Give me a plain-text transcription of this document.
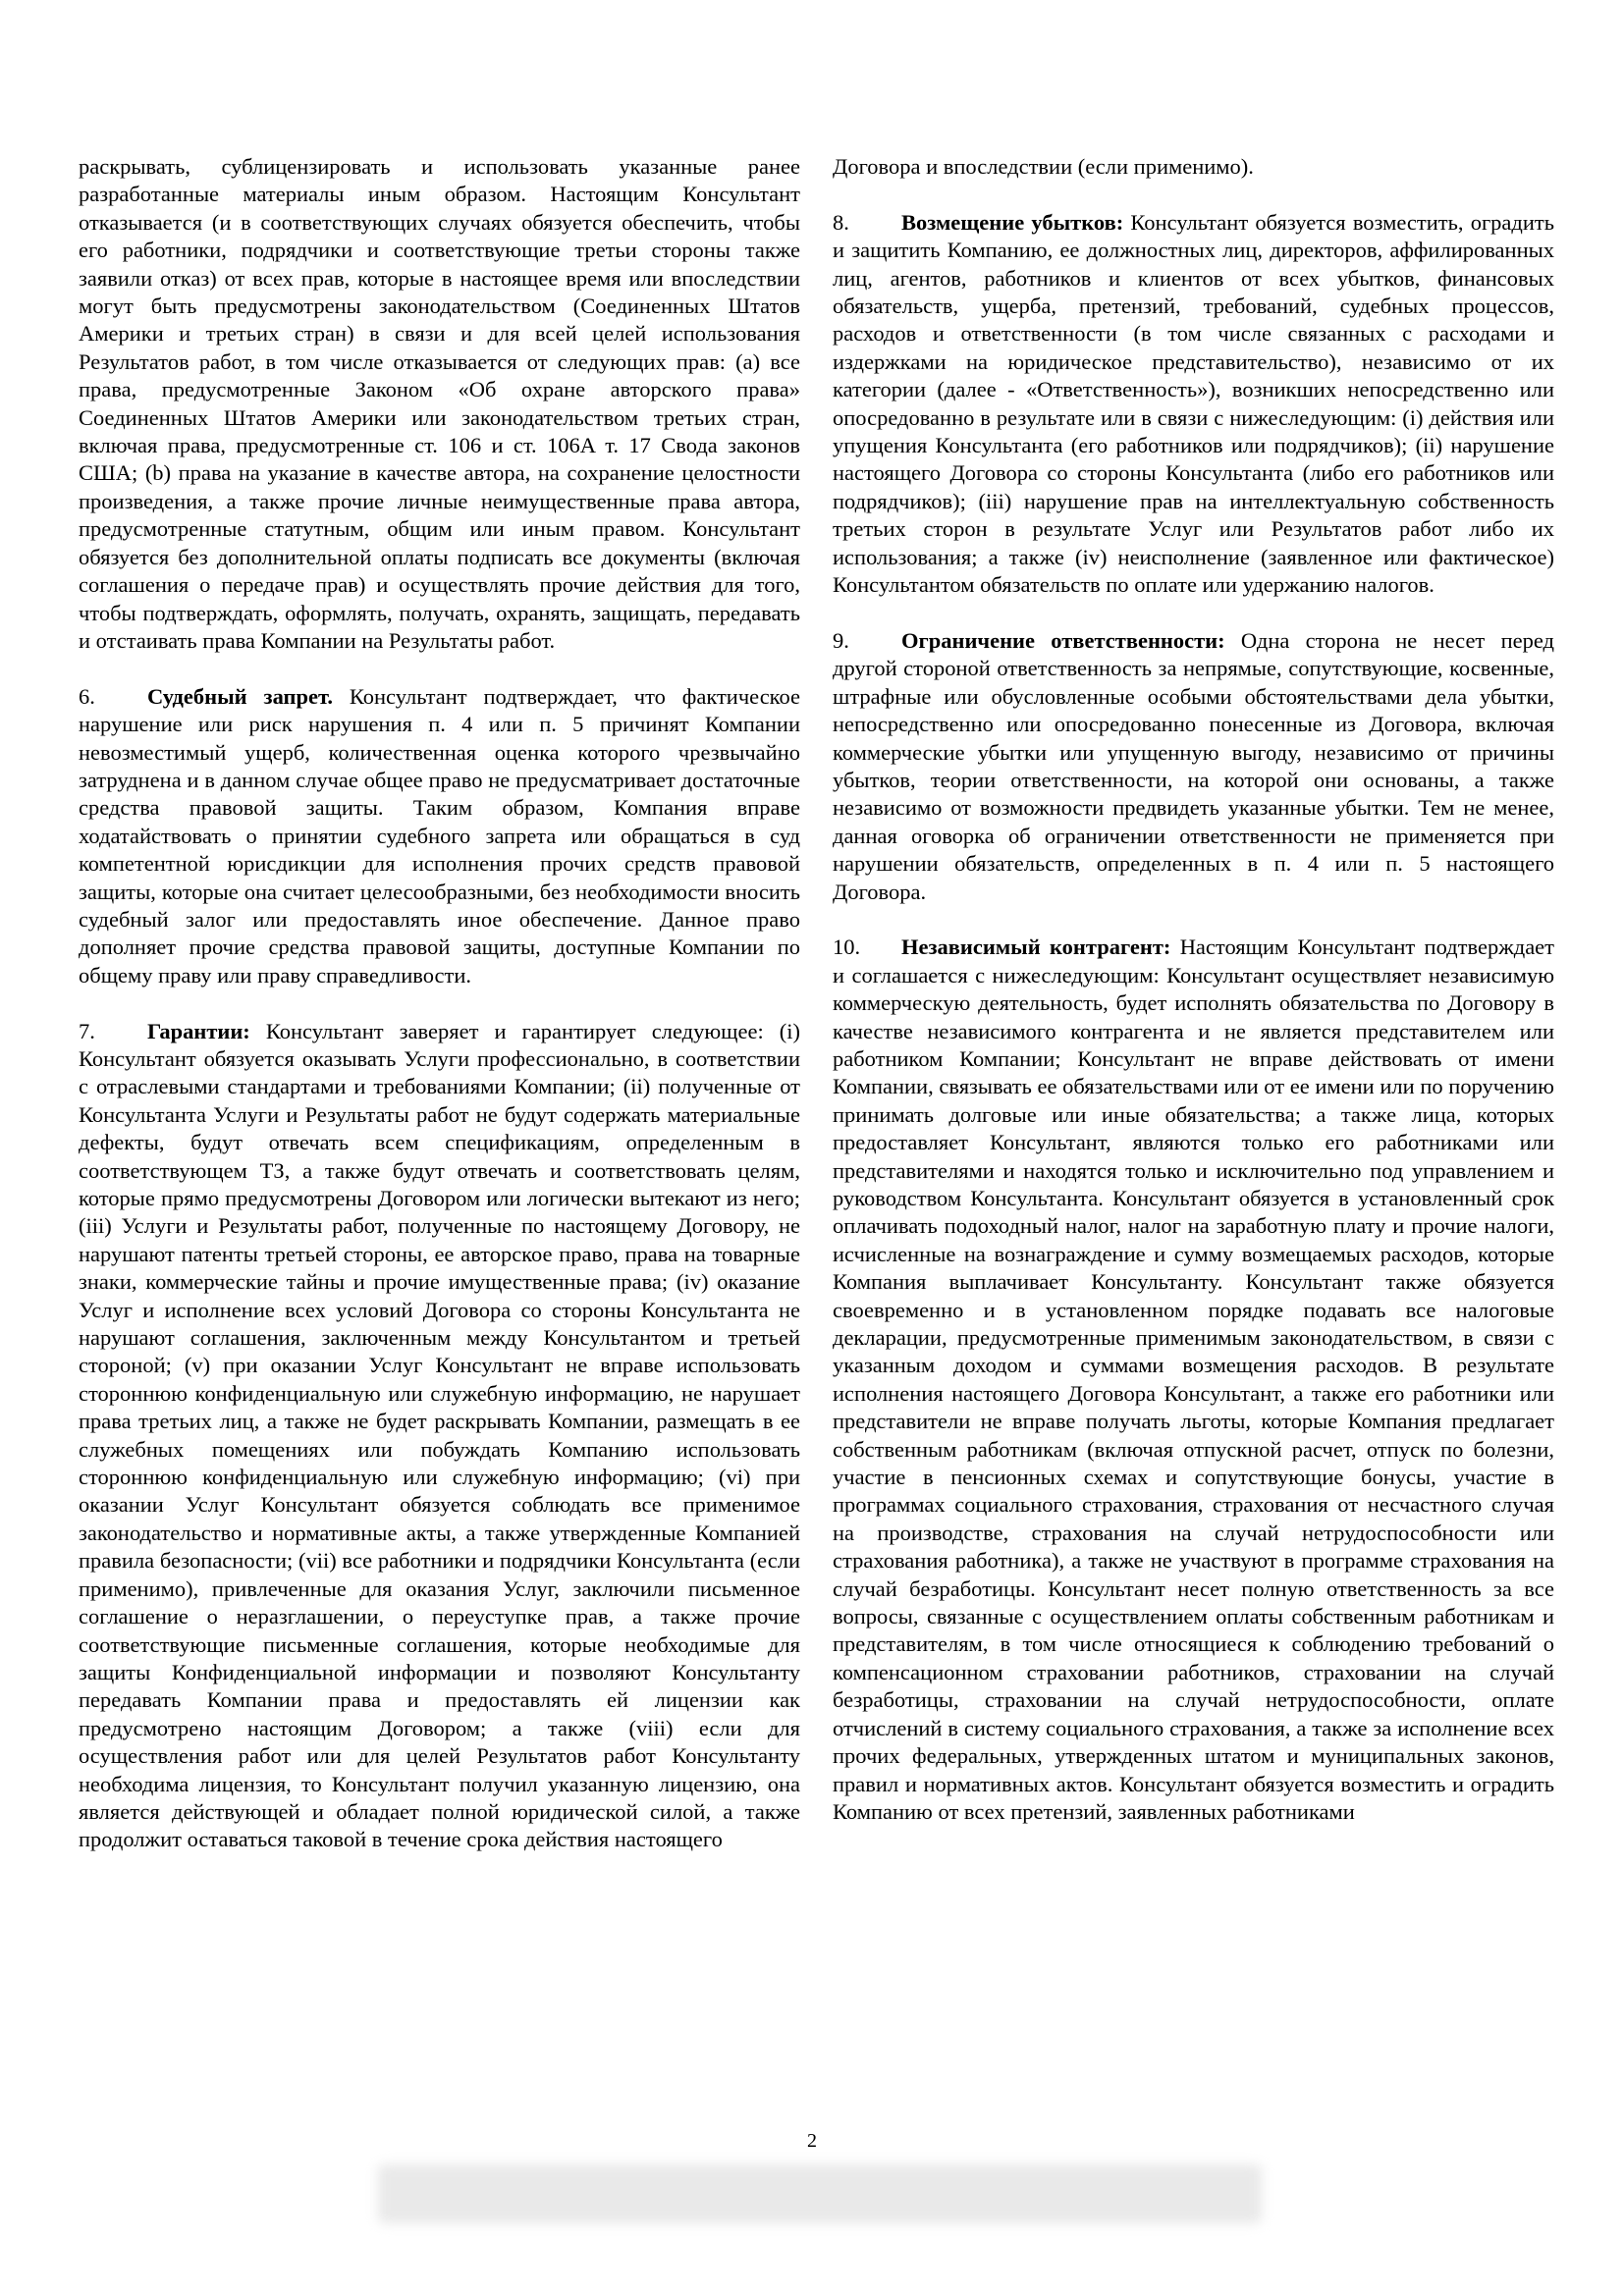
раскрывать, сублицензировать и использовать указанные ранее разработанные материалы иным образом. Настоящим Консультант отказывается (и в соответствующих случаях обязуется обеспечить, чтобы его работники, подрядчики и соответствующие третьи стороны также заявили отказ) от всех прав, которые в настоящее время или впоследствии могут быть предусмотрены законодательством (Соединенных Штатов Америки и третьих стран) в связи и для всей целей использования Результатов работ, в том числе отказывается от следующих прав: (a) все права, предусмотренные Законом «Об охране авторского права» Соединенных Штатов Америки или законодательством третьих стран, включая права, предусмотренные ст. 106 и ст. 106A т. 17 Свода законов США; (b) права на указание в качестве автора, на сохранение целостности произведения, а также прочие личные неимущественные права автора, предусмотренные статутным, общим или иным правом. Консультант обязуется без дополнительной оплаты подписать все документы (включая соглашения о передаче прав) и осуществлять прочие действия для того, чтобы подтверждать, оформлять, получать, охранять, защищать, передавать и отстаивать права Компании на Результаты работ.

6. Судебный запрет. Консультант подтверждает, что фактическое нарушение или риск нарушения п. 4 или п. 5 причинят Компании невозместимый ущерб, количественная оценка которого чрезвычайно затруднена и в данном случае общее право не предусматривает достаточные средства правовой защиты. Таким образом, Компания вправе ходатайствовать о принятии судебного запрета или обращаться в суд компетентной юрисдикции для исполнения прочих средств правовой защиты, которые она считает целесообразными, без необходимости вносить судебный залог или предоставлять иное обеспечение. Данное право дополняет прочие средства правовой защиты, доступные Компании по общему праву или праву справедливости.

7. Гарантии: Консультант заверяет и гарантирует следующее: (i) Консультант обязуется оказывать Услуги профессионально, в соответствии с отраслевыми стандартами и требованиями Компании; (ii) полученные от Консультанта Услуги и Результаты работ не будут содержать материальные дефекты, будут отвечать всем спецификациям, определенным в соответствующем ТЗ, а также будут отвечать и соответствовать целям, которые прямо предусмотрены Договором или логически вытекают из него; (iii) Услуги и Результаты работ, полученные по настоящему Договору, не нарушают патенты третьей стороны, ее авторское право, права на товарные знаки, коммерческие тайны и прочие имущественные права; (iv) оказание Услуг и исполнение всех условий Договора со стороны Консультанта не нарушают соглашения, заключенным между Консультантом и третьей стороной; (v) при оказании Услуг Консультант не вправе использовать стороннюю конфиденциальную или служебную информацию, не нарушает права третьих лиц, а также не будет раскрывать Компании, размещать в ее служебных помещениях или побуждать Компанию использовать стороннюю конфиденциальную или служебную информацию; (vi) при оказании Услуг Консультант обязуется соблюдать все применимое законодательство и нормативные акты, а также утвержденные Компанией правила безопасности; (vii) все работники и подрядчики Консультанта (если применимо), привлеченные для оказания Услуг, заключили письменное соглашение о неразглашении, о переуступке прав, а также прочие соответствующие письменные соглашения, которые необходимые для защиты Конфиденциальной информации и позволяют Консультанту передавать Компании права и предоставлять ей лицензии как предусмотрено настоящим Договором; а также (viii) если для осуществления работ или для целей Результатов работ Консультанту необходима лицензия, то Консультант получил указанную лицензию, она является действующей и обладает полной юридической силой, а также продолжит оставаться таковой в течение срока действия настоящего

Договора и впоследствии (если применимо).

8. Возмещение убытков: Консультант обязуется возместить, оградить и защитить Компанию, ее должностных лиц, директоров, аффилированных лиц, агентов, работников и клиентов от всех убытков, финансовых обязательств, ущерба, претензий, требований, судебных процессов, расходов и ответственности (в том числе связанных с расходами и издержками на юридическое представительство), независимо от их категории (далее - «Ответственность»), возникших непосредственно или опосредованно в результате или в связи с нижеследующим: (i) действия или упущения Консультанта (его работников или подрядчиков); (ii) нарушение настоящего Договора со стороны Консультанта (либо его работников или подрядчиков); (iii) нарушение прав на интеллектуальную собственность третьих сторон в результате Услуг или Результатов работ либо их использования; а также (iv) неисполнение (заявленное или фактическое) Консультантом обязательств по оплате или удержанию налогов.

9. Ограничение ответственности: Одна сторона не несет перед другой стороной ответственность за непрямые, сопутствующие, косвенные, штрафные или обусловленные особыми обстоятельствами дела убытки, непосредственно или опосредованно понесенные из Договора, включая коммерческие убытки или упущенную выгоду, независимо от причины убытков, теории ответственности, на которой они основаны, а также независимо от возможности предвидеть указанные убытки. Тем не менее, данная оговорка об ограничении ответственности не применяется при нарушении обязательств, определенных в п. 4 или п. 5 настоящего Договора.

10. Независимый контрагент: Настоящим Консультант подтверждает и соглашается с нижеследующим: Консультант осуществляет независимую коммерческую деятельность, будет исполнять обязательства по Договору в качестве независимого контрагента и не является представителем или работником Компании; Консультант не вправе действовать от имени Компании, связывать ее обязательствами или от ее имени или по поручению принимать долговые или иные обязательства; а также лица, которых предоставляет Консультант, являются только его работниками или представителями и находятся только и исключительно под управлением и руководством Консультанта. Консультант обязуется в установленный срок оплачивать подоходный налог, налог на заработную плату и прочие налоги, исчисленные на вознаграждение и сумму возмещаемых расходов, которые Компания выплачивает Консультанту. Консультант также обязуется своевременно и в установленном порядке подавать все налоговые декларации, предусмотренные применимым законодательством, в связи с указанным доходом и суммами возмещения расходов. В результате исполнения настоящего Договора Консультант, а также его работники или представители не вправе получать льготы, которые Компания предлагает собственным работникам (включая отпускной расчет, отпуск по болезни, участие в пенсионных схемах и сопутствующие бонусы, участие в программах социального страхования, страхования от несчастного случая на производстве, страхования на случай нетрудоспособности или страхования работника), а также не участвуют в программе страхования на случай безработицы. Консультант несет полную ответственность за все вопросы, связанные с осуществлением оплаты собственным работникам и представителям, в том числе относящиеся к соблюдению требований о компенсационном страховании работников, страховании на случай безработицы, страховании на случай нетрудоспособности, оплате отчислений в систему социального страхования, а также за исполнение всех прочих федеральных, утвержденных штатом и муниципальных законов, правил и нормативных актов. Консультант обязуется возместить и оградить Компанию от всех претензий, заявленных работниками

2
